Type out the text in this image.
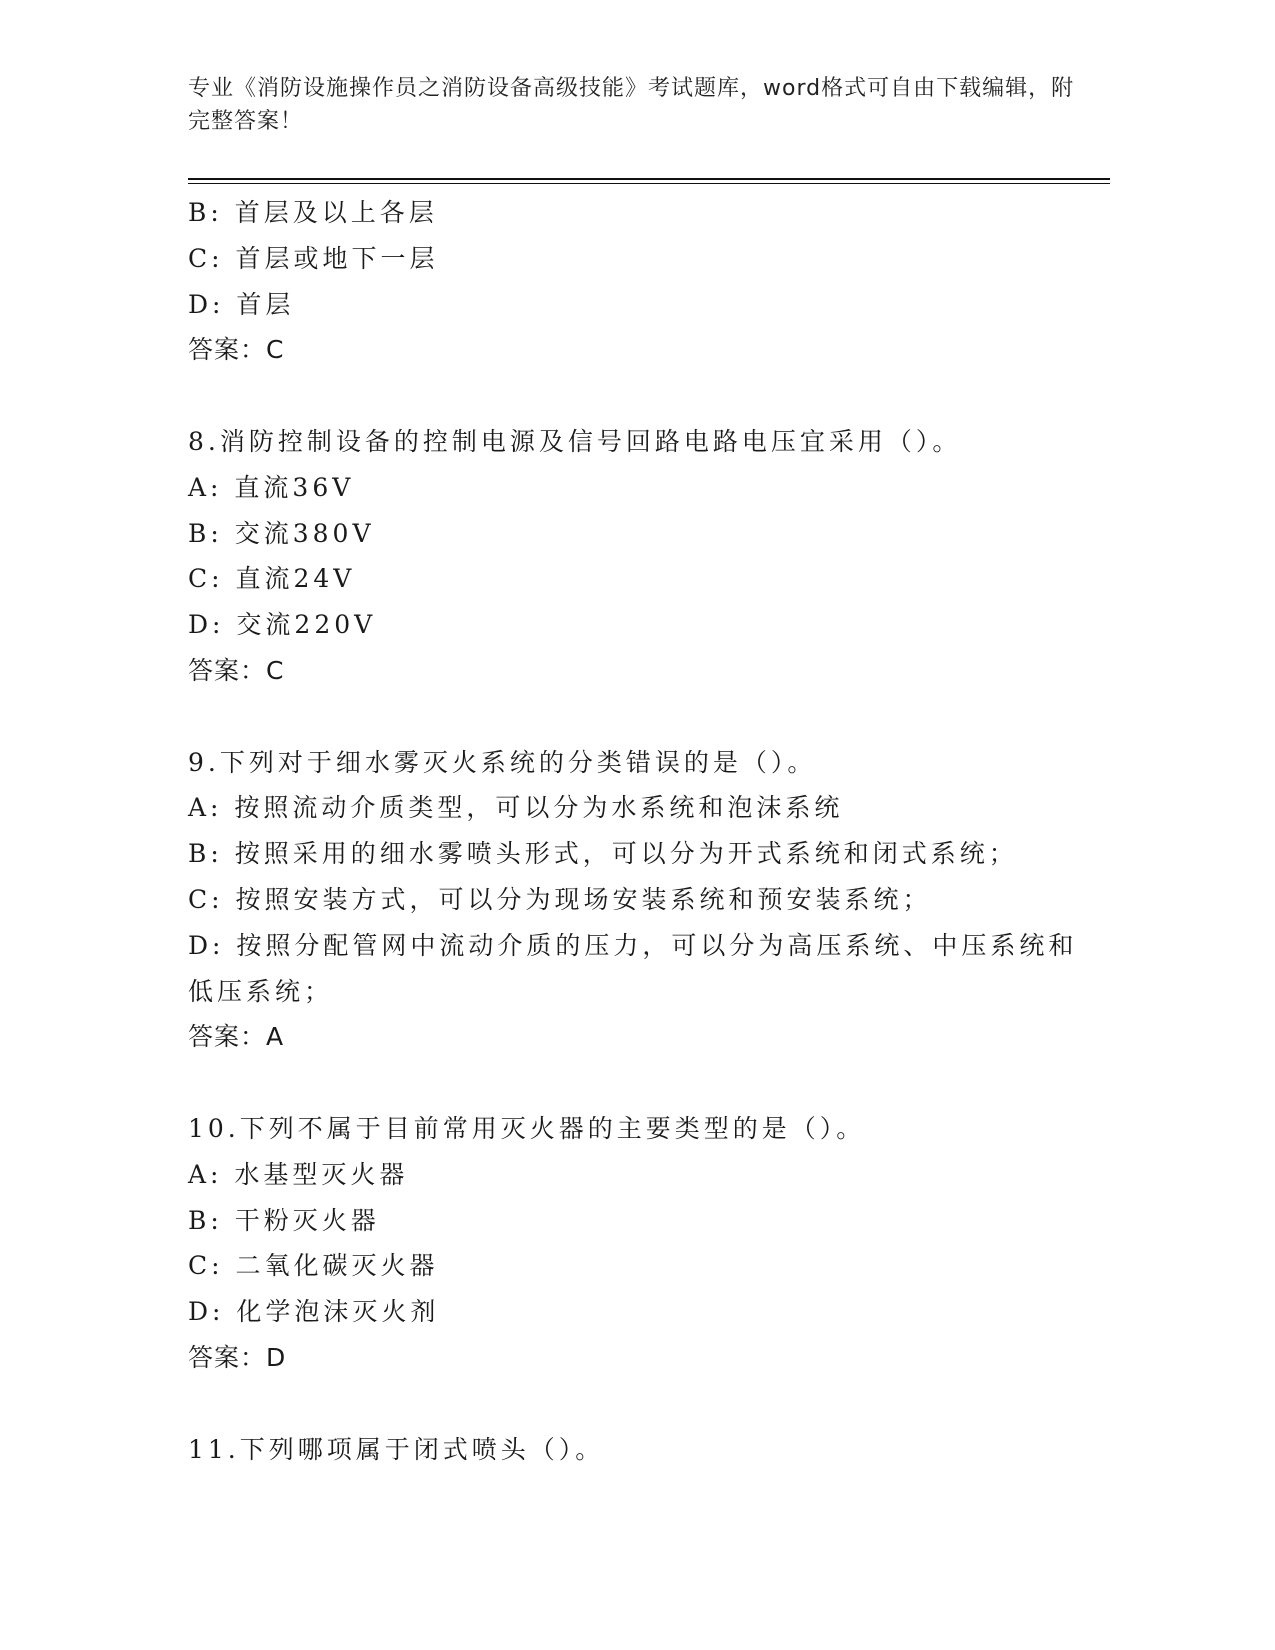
专业《消防设施操作员之消防设备高级技能》考试题库，word格式可自由下载编辑，附完整答案！
B: 首层及以上各层
C: 首层或地下一层
D: 首层
答案：C
8.消防控制设备的控制电源及信号回路电路电压宜采用（）。
A: 直流36V
B: 交流380V
C: 直流24V
D: 交流220V
答案：C
9.下列对于细水雾灭火系统的分类错误的是（）。
A: 按照流动介质类型，可以分为水系统和泡沫系统
B: 按照采用的细水雾喷头形式，可以分为开式系统和闭式系统；
C: 按照安装方式，可以分为现场安装系统和预安装系统；
D: 按照分配管网中流动介质的压力，可以分为高压系统、中压系统和低压系统；
答案：A
10.下列不属于目前常用灭火器的主要类型的是（）。
A: 水基型灭火器
B: 干粉灭火器
C: 二氧化碳灭火器
D: 化学泡沫灭火剂
答案：D
11.下列哪项属于闭式喷头（）。
